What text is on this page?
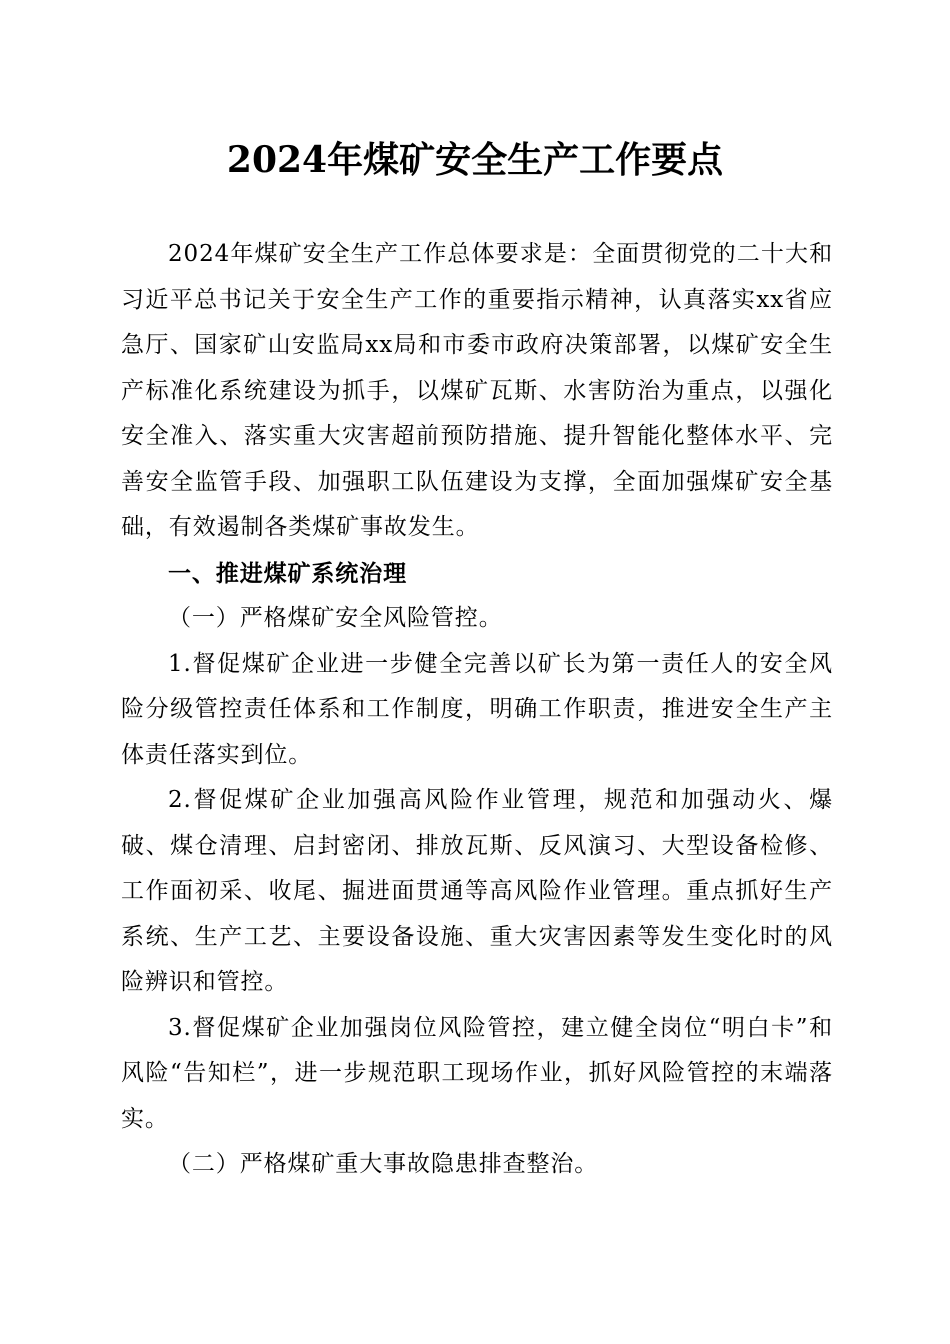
2024年煤矿安全生产工作要点

2024年煤矿安全生产工作总体要求是：全面贯彻党的二十大和习近平总书记关于安全生产工作的重要指示精神，认真落实xx省应急厅、国家矿山安监局xx局和市委市政府决策部署，以煤矿安全生产标准化系统建设为抓手，以煤矿瓦斯、水害防治为重点，以强化安全准入、落实重大灾害超前预防措施、提升智能化整体水平、完善安全监管手段、加强职工队伍建设为支撑，全面加强煤矿安全基础，有效遏制各类煤矿事故发生。

一、推进煤矿系统治理

（一）严格煤矿安全风险管控。

1.督促煤矿企业进一步健全完善以矿长为第一责任人的安全风险分级管控责任体系和工作制度，明确工作职责，推进安全生产主体责任落实到位。

2.督促煤矿企业加强高风险作业管理，规范和加强动火、爆破、煤仓清理、启封密闭、排放瓦斯、反风演习、大型设备检修、工作面初采、收尾、掘进面贯通等高风险作业管理。重点抓好生产系统、生产工艺、主要设备设施、重大灾害因素等发生变化时的风险辨识和管控。

3.督促煤矿企业加强岗位风险管控，建立健全岗位“明白卡”和风险“告知栏”，进一步规范职工现场作业，抓好风险管控的末端落实。

（二）严格煤矿重大事故隐患排查整治。
